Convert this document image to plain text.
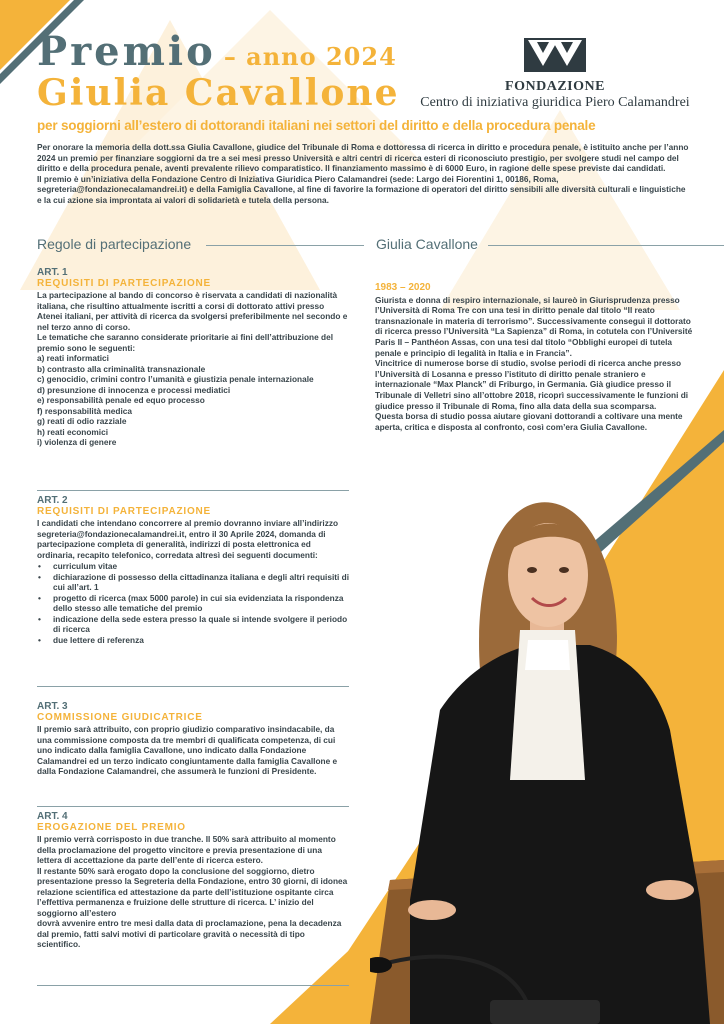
Premio – anno 2024
Giulia Cavallone	FONDAZIONE
Centro di iniziativa giuridica Piero Calamandrei
per soggiorni all’estero di dottorandi italiani nei settori del diritto e della procedura penale

Per onorare la memoria della dott.ssa Giulia Cavallone, giudice del Tribunale di Roma e dottoressa di ricerca in diritto e procedura penale, è istituito anche per l’anno 2024 un premio per finanziare soggiorni da tre a sei mesi presso Università e altri centri di ricerca esteri di riconosciuto prestigio, per svolgere studi nel campo del diritto e della procedura penale, aventi prevalente rilievo comparatistico. Il finanziamento massimo è di 6000 Euro, in ragione delle spese previste dai candidati.

Il premio è un’iniziativa della Fondazione Centro di Iniziativa Giuridica Piero Calamandrei (sede: Largo dei Fiorentini 1, 00186, Roma, segreteria@fondazionecalamandrei.it) e della Famiglia Cavallone, al fine di favorire la formazione di operatori del diritto sensibili alle diversità culturali e linguistiche e la cui azione sia improntata ai valori di solidarietà e tutela della persona.

Regole di partecipazione	Giulia Cavallone
ART. 1
REQUISITI DI PARTECIPAZIONE

La partecipazione al bando di concorso è riservata a candidati di nazionalità italiana, che risultino attualmente iscritti a corsi di dottorato attivi presso Atenei italiani, per attività di ricerca da svolgersi preferibilmente nel secondo e nel terzo anno di corso.

Le tematiche che saranno considerate prioritarie ai fini dell’attribuzione del premio sono le seguenti:

a) reati informatici
b) contrasto alla criminalità transnazionale
c) genocidio, crimini contro l’umanità e giustizia penale internazionale
d) presunzione di innocenza e processi mediatici
e) responsabilità penale ed equo processo
f) responsabilità medica
g) reati di odio razziale
h) reati economici
i) violenza di genere
ART. 2
REQUISITI DI PARTECIPAZIONE

I candidati che intendano concorrere al premio dovranno inviare all’indirizzo segreteria@fondazionecalamandrei.it, entro il 30 Aprile 2024, domanda di partecipazione completa di generalità, indirizzi di posta elettronica ed ordinaria, recapito telefonico, corredata altresì dei seguenti documenti:

• curriculum vitae
• dichiarazione di possesso della cittadinanza italiana e degli altri requisiti di cui all’art. 1
• progetto di ricerca (max 5000 parole) in cui sia evidenziata la rispondenza dello stesso alle tematiche del premio
• indicazione della sede estera presso la quale si intende svolgere il periodo di ricerca
• due lettere di referenza
ART. 3
COMMISSIONE GIUDICATRICE

Il premio sarà attribuito, con proprio giudizio comparativo insindacabile, da una commissione composta da tre membri di qualificata competenza, di cui uno indicato dalla famiglia Cavallone, uno indicato dalla Fondazione Calamandrei ed un terzo indicato congiuntamente dalla famiglia Cavallone e dalla Fondazione Calamandrei, che assumerà le funzioni di Presidente.

ART. 4
EROGAZIONE DEL PREMIO

Il premio verrà corrisposto in due tranche. Il 50% sarà attribuito al momento della proclamazione del progetto vincitore e previa presentazione di una lettera di accettazione da parte dell’ente di ricerca estero.

Il restante 50% sarà erogato dopo la conclusione del soggiorno, dietro presentazione presso la Segreteria della Fondazione, entro 30 giorni, di idonea relazione scientifica ed attestazione da parte dell’istituzione ospitante circa l’effettiva permanenza e fruizione delle strutture di ricerca. L’ inizio del soggiorno all’estero

dovrà avvenire entro tre mesi dalla data di proclamazione, pena la decadenza dal premio, fatti salvi motivi di particolare gravità o necessità di tipo scientifico.

1983 – 2020

Giurista e donna di respiro internazionale, si laureò in Giurisprudenza presso l’Università di Roma Tre con una tesi in diritto penale dal titolo “Il reato transnazionale in materia di terrorismo”. Successivamente conseguì il dottorato di ricerca presso l’Università “La Sapienza” di Roma, in cotutela con l’Université Paris II – Panthéon Assas, con una tesi dal titolo “Obblighi europei di tutela penale e principio di legalità in Italia e in Francia”.

Vincitrice di numerose borse di studio, svolse periodi di ricerca anche presso l’Università di Losanna e presso l’istituto di diritto penale straniero e internazionale “Max Planck” di Friburgo, in Germania. Già giudice presso il Tribunale di Velletri sino all’ottobre 2018, ricoprì successivamente le funzioni di giudice presso il Tribunale di Roma, fino alla data della sua scomparsa.

Questa borsa di studio possa aiutare giovani dottorandi a coltivare una mente aperta, critica e disposta al confronto, così com’era Giulia Cavallone.
